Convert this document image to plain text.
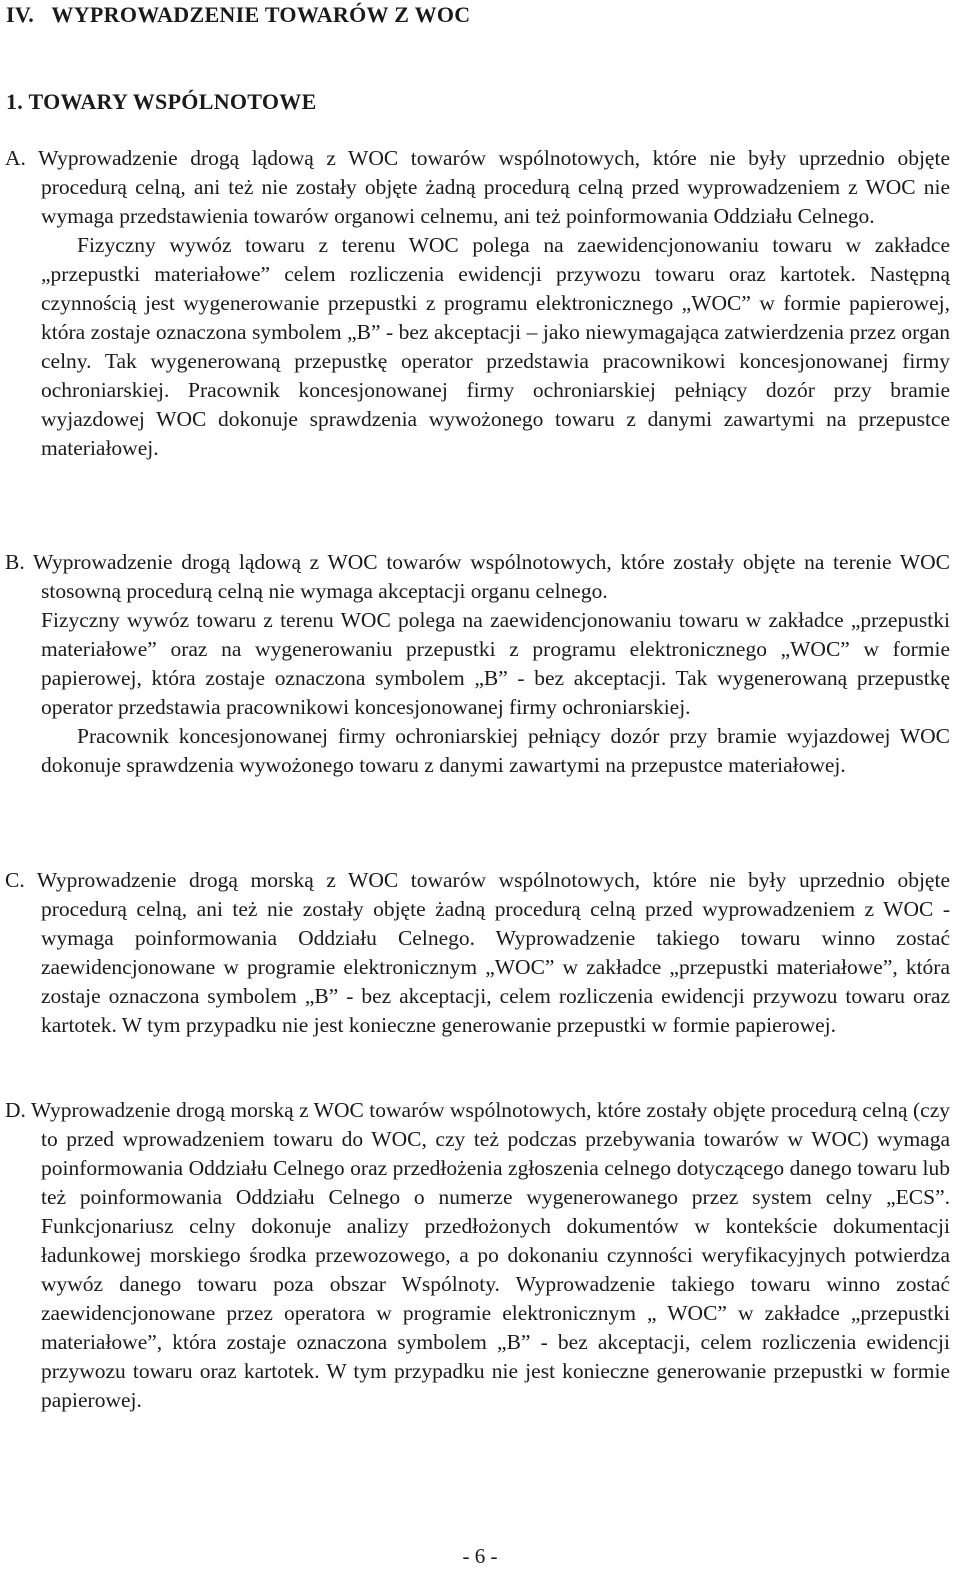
IV.   WYPROWADZENIE TOWARÓW Z WOC
1. TOWARY WSPÓLNOTOWE

A. Wyprowadzenie drogą lądową z WOC towarów wspólnotowych, które nie były uprzednio objęte procedurą celną, ani też nie zostały objęte żadną procedurą celną przed wyprowadzeniem z WOC nie wymaga przedstawienia towarów organowi celnemu, ani też poinformowania Oddziału Celnego.

Fizyczny wywóz towaru z terenu WOC polega na zaewidencjonowaniu towaru w zakładce „przepustki materiałowe” celem rozliczenia ewidencji przywozu towaru oraz kartotek. Następną czynnością jest wygenerowanie przepustki z programu elektronicznego „WOC” w formie papierowej, która zostaje oznaczona symbolem „B” - bez akceptacji – jako niewymagająca zatwierdzenia przez organ celny. Tak wygenerowaną przepustkę operator przedstawia pracownikowi koncesjonowanej firmy ochroniarskiej. Pracownik koncesjonowanej firmy ochroniarskiej pełniący dozór przy bramie wyjazdowej WOC dokonuje sprawdzenia wywożonego towaru z danymi zawartymi na przepustce materiałowej.

B. Wyprowadzenie drogą lądową z WOC towarów wspólnotowych, które zostały objęte na terenie WOC stosowną procedurą celną nie wymaga akceptacji organu celnego.

Fizyczny wywóz towaru z terenu WOC polega na zaewidencjonowaniu towaru w zakładce „przepustki materiałowe” oraz na wygenerowaniu przepustki z programu elektronicznego „WOC” w formie papierowej, która zostaje oznaczona symbolem „B” - bez akceptacji. Tak wygenerowaną przepustkę operator przedstawia pracownikowi koncesjonowanej firmy ochroniarskiej.

Pracownik koncesjonowanej firmy ochroniarskiej pełniący dozór przy bramie wyjazdowej WOC dokonuje sprawdzenia wywożonego towaru z danymi zawartymi na przepustce materiałowej.

C. Wyprowadzenie drogą morską z WOC towarów wspólnotowych, które nie były uprzednio objęte procedurą celną, ani też nie zostały objęte żadną procedurą celną przed wyprowadzeniem z WOC - wymaga poinformowania Oddziału Celnego. Wyprowadzenie takiego towaru winno zostać zaewidencjonowane w programie elektronicznym „WOC” w zakładce „przepustki materiałowe”, która zostaje oznaczona symbolem „B” - bez akceptacji, celem rozliczenia ewidencji przywozu towaru oraz kartotek. W tym przypadku nie jest konieczne generowanie przepustki w formie papierowej.

D. Wyprowadzenie drogą morską z WOC towarów wspólnotowych, które zostały objęte procedurą celną (czy to przed wprowadzeniem towaru do WOC, czy też podczas przebywania towarów w WOC) wymaga poinformowania Oddziału Celnego oraz przedłożenia zgłoszenia celnego dotyczącego danego towaru lub też poinformowania Oddziału Celnego o numerze wygenerowanego przez system celny „ECS”. Funkcjonariusz celny dokonuje analizy przedłożonych dokumentów w kontekście dokumentacji ładunkowej morskiego środka przewozowego, a po dokonaniu czynności weryfikacyjnych potwierdza wywóz danego towaru poza obszar Wspólnoty. Wyprowadzenie takiego towaru winno zostać zaewidencjonowane przez operatora w programie elektronicznym „ WOC” w zakładce „przepustki materiałowe”, która zostaje oznaczona symbolem „B” - bez akceptacji, celem rozliczenia ewidencji przywozu towaru oraz kartotek. W tym przypadku nie jest konieczne generowanie przepustki w formie papierowej.

- 6 -
